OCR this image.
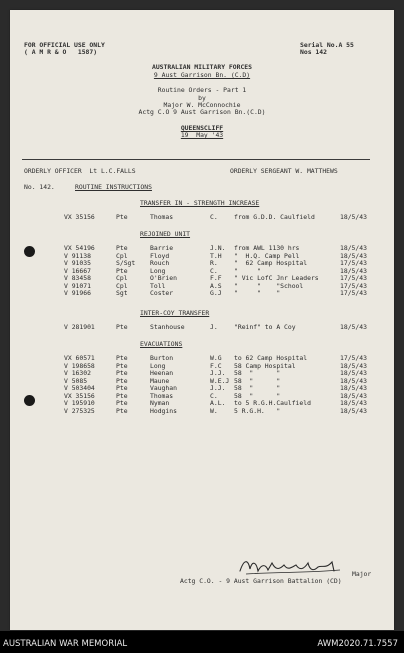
FOR OFFICIAL USE ONLY
( A M R & O   1587)
Serial No.A 55
Nos 142
AUSTRALIAN MILITARY FORCES
9 Aust Garrison Bn. (C.D)
Routine Orders - Part 1
by
Major W. McConnochie
Actg C.O 9 Aust Garrison Bn.(C.D)
QUEENSCLIFF
19  May '43
ORDERLY OFFICER  Lt L.C.FALLS	ORDERLY SERGEANT W. MATTHEWS
No. 142.	ROUTINE INSTRUCTIONS
TRANSFER IN - STRENGTH INCREASE
REJOINED UNIT
INTER-COY TRANSFER
EVACUATIONS
VX 35156	Pte	Thomas	C.	from G.D.D. Caulfield	18/5/43
VX 54196	Pte	Barrie	J.N. from AWL 1130 hrs	18/5/43
V 91138	Cpl	Floyd	T.H "  H.Q. Camp Pell	18/5/43
V 91035	S/Sgt Rouch	R.	"  62 Camp Hospital	17/5/43
V 16667	Pte	Long	C.	"     "	18/5/43
V 83458	Cpl	O'Brien	F.F " Vic LofC Jnr Leaders	17/5/43
V 91071	Cpl	Toll	A.S "     "    "School	17/5/43
V 91966	Sgt	Coster	G.J "     "    "	17/5/43
V 281901	Pte	Stanhouse	J.	"Reinf" to A Coy	18/5/43
VX 60571	Pte	Burton	W.G to 62 Camp Hospital	17/5/43
V 198658	Pte	Long	F.C 58 Camp Hospital	18/5/43
V 16302	Pte	Heenan	J.J. 58  "      "	18/5/43
V 5085	Pte	Maune	W.E.J 58  "      "	18/5/43
V 503404	Pte	Vaughan	J.J. 58  "      "	18/5/43
VX 35156	Pte	Thomas	C.	58  "      "	18/5/43
V 195910	Pte	Nyman	A.L. to 5 R.G.H.Caulfield	18/5/43
V 275325	Pte	Hodgins	W.	5 R.G.H.   "	18/5/43
Major
Actg C.O. - 9 Aust Garrison Battalion (CD)
AUSTRALIAN WAR MEMORIAL	AWM2020.71.7557
